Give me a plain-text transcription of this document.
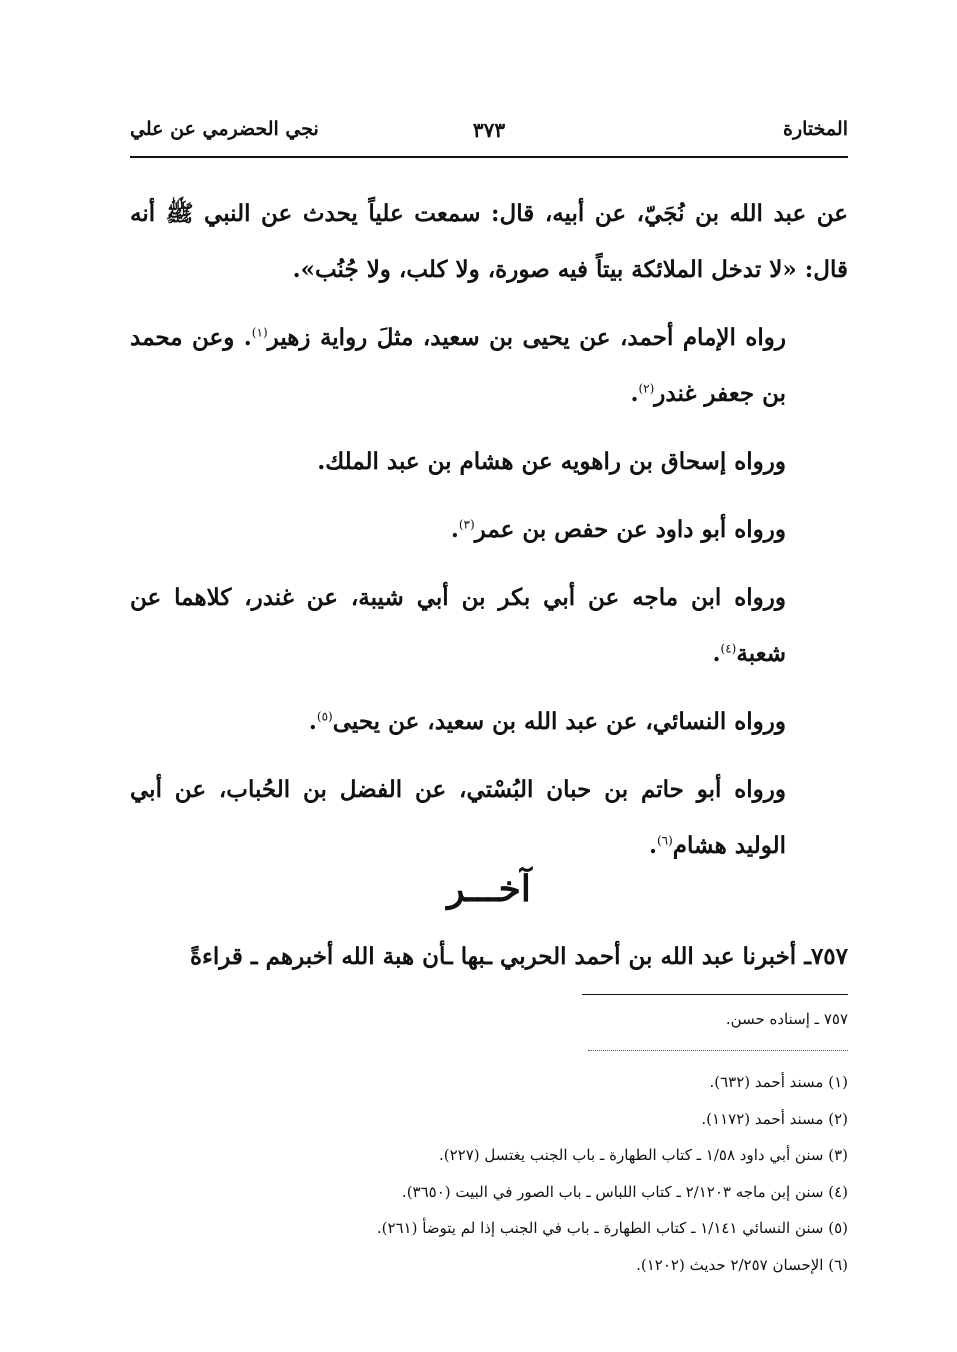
المختارة
٣٧٣
نجي الحضرمي عن علي

عن عبد الله بن نُجَيّ، عن أبيه، قال: سمعت علياً يحدث عن النبي ﷺ أنه قال: «لا تدخل الملائكة بيتاً فيه صورة، ولا كلب، ولا جُنُب».

رواه الإمام أحمد، عن يحيى بن سعيد، مثلَ رواية زهير$^{(١)}$. وعن محمد بن جعفر غندر$^{(٢)}$.

ورواه إسحاق بن راهويه عن هشام بن عبد الملك.

ورواه أبو داود عن حفص بن عمر$^{(٣)}$.

ورواه ابن ماجه عن أبي بكر بن أبي شيبة، عن غندر، كلاهما عن شعبة$^{(٤)}$.

ورواه النسائي، عن عبد الله بن سعيد، عن يحيى$^{(٥)}$.

ورواه أبو حاتم بن حبان البُسْتي، عن الفضل بن الحُباب، عن أبي الوليد هشام$^{(٦)}$.

آخـــر
٧٥٧ـ أخبرنا عبد الله بن أحمد الحربي ـبها ـأن هبة الله أخبرهم ـ قراءةً
٧٥٧ ـ إسناده حسن.
(١) مسند أحمد (٦٣٢).
(٢) مسند أحمد (١١٧٢).
(٣) سنن أبي داود ١/٥٨ ـ كتاب الطهارة ـ باب الجنب يغتسل (٢٢٧).
(٤) سنن إبن ماجه ٢/١٢٠٣ ـ كتاب اللباس ـ باب الصور في البيت (٣٦٥٠).
(٥) سنن النسائي ١/١٤١ ـ كتاب الطهارة ـ باب في الجنب إذا لم يتوضأ (٢٦١).
(٦) الإحسان ٢/٢٥٧ حديث (١٢٠٢).
